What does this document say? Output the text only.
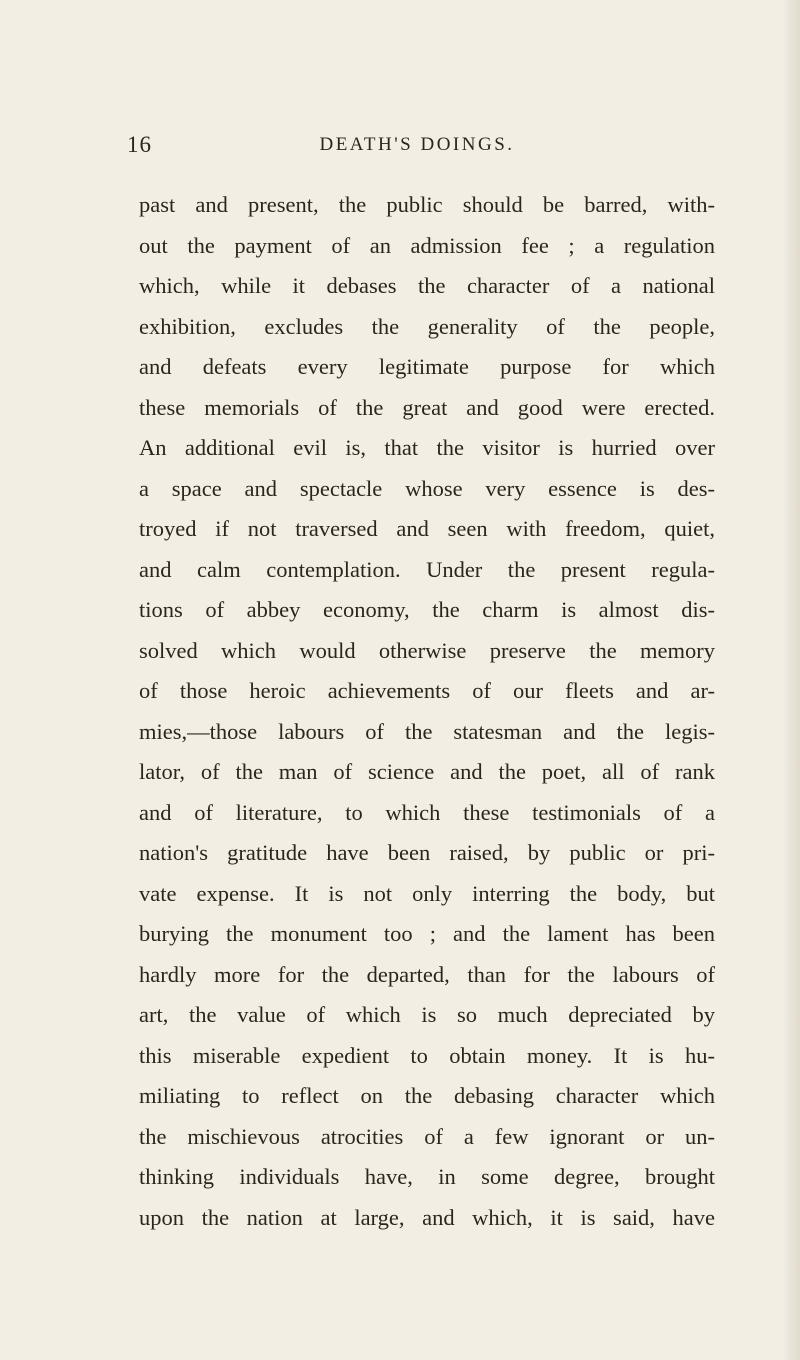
16	DEATH'S DOINGS.
past and present, the public should be barred, with-
out the payment of an admission fee ; a regulation
which, while it debases the character of a national
exhibition, excludes the generality of the people,
and defeats every legitimate purpose for which
these memorials of the great and good were erected.
An additional evil is, that the visitor is hurried over
a space and spectacle whose very essence is des-
troyed if not traversed and seen with freedom, quiet,
and calm contemplation. Under the present regula-
tions of abbey economy, the charm is almost dis-
solved which would otherwise preserve the memory
of those heroic achievements of our fleets and ar-
mies,—those labours of the statesman and the legis-
lator, of the man of science and the poet, all of rank
and of literature, to which these testimonials of a
nation's gratitude have been raised, by public or pri-
vate expense. It is not only interring the body, but
burying the monument too ; and the lament has been
hardly more for the departed, than for the labours of
art, the value of which is so much depreciated by
this miserable expedient to obtain money. It is hu-
miliating to reflect on the debasing character which
the mischievous atrocities of a few ignorant or un-
thinking individuals have, in some degree, brought
upon the nation at large, and which, it is said, have
